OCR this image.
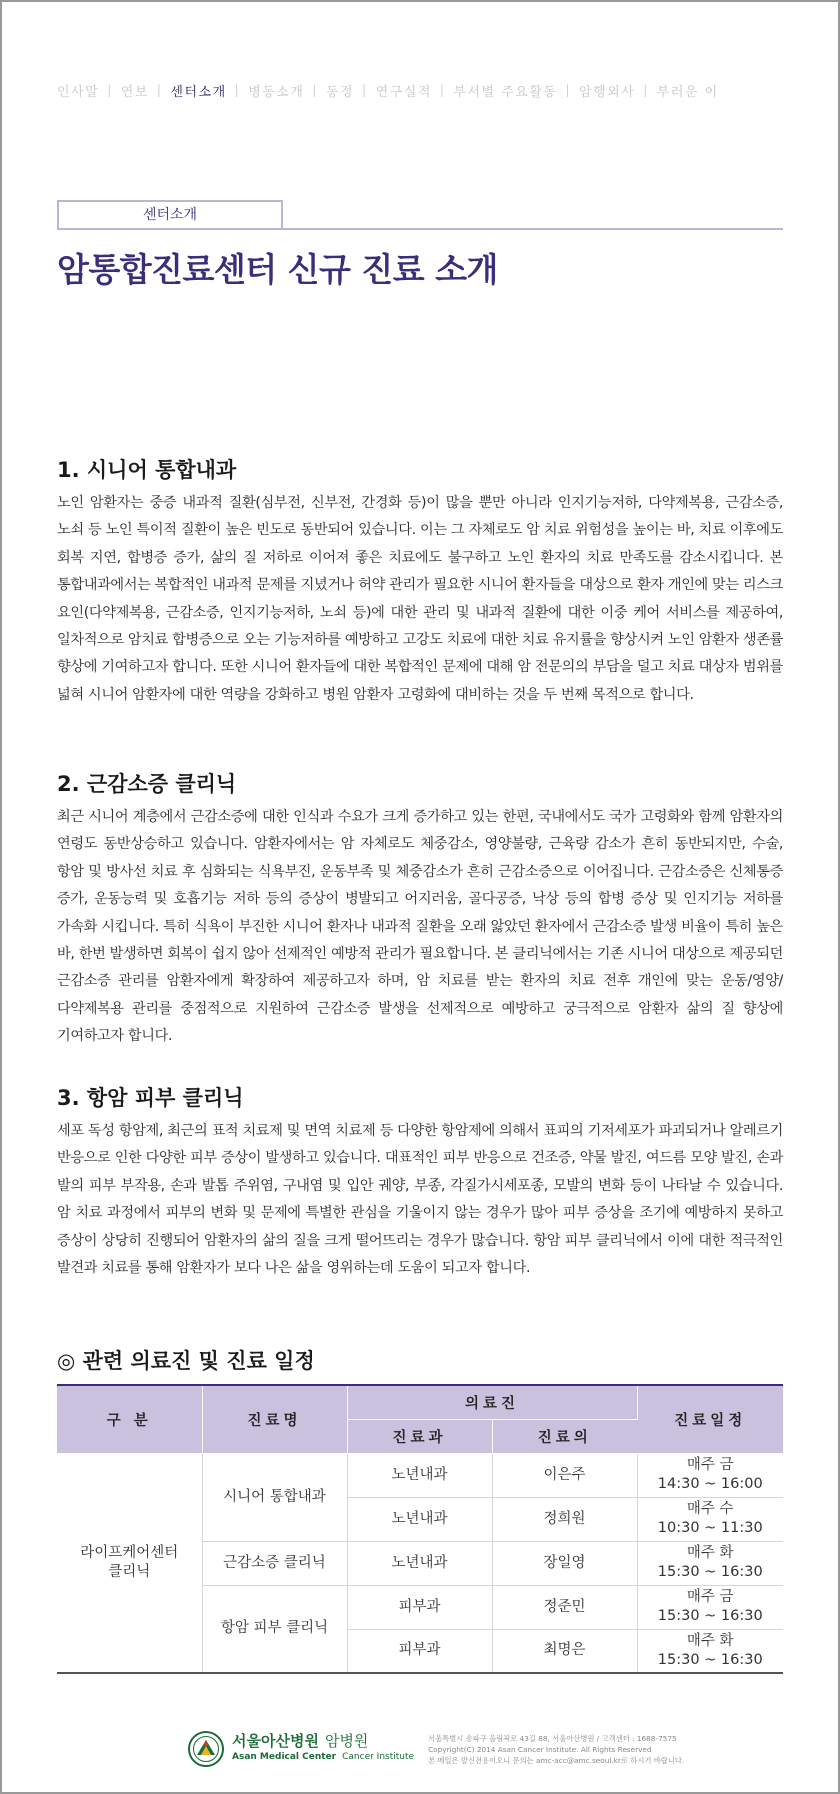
인사말 | 연보 | 센터소개 | 병동소개 | 동정 | 연구실적 | 부서별 주요활동 | 암행외사 | 부러운 이
센터소개
암통합진료센터 신규 진료 소개
1. 시니어 통합내과

노인 암환자는 중증 내과적 질환(심부전, 신부전, 간경화 등)이 많을 뿐만 아니라 인지기능저하, 다약제복용, 근감소증, 노쇠 등 노인 특이적 질환이 높은 빈도로 동반되어 있습니다. 이는 그 자체로도 암 치료 위험성을 높이는 바, 치료 이후에도 회복 지연, 합병증 증가, 삶의 질 저하로 이어져 좋은 치료에도 불구하고 노인 환자의 치료 만족도를 감소시킵니다. 본 통합내과에서는 복합적인 내과적 문제를 지녔거나 허약 관리가 필요한 시니어 환자들을 대상으로 환자 개인에 맞는 리스크 요인(다약제복용, 근감소증, 인지기능저하, 노쇠 등)에 대한 관리 및 내과적 질환에 대한 이중 케어 서비스를 제공하여, 일차적으로 암치료 합병증으로 오는 기능저하를 예방하고 고강도 치료에 대한 치료 유지률을 향상시켜 노인 암환자 생존률 향상에 기여하고자 합니다. 또한 시니어 환자들에 대한 복합적인 문제에 대해 암 전문의의 부담을 덜고 치료 대상자 범위를 넓혀 시니어 암환자에 대한 역량을 강화하고 병원 암환자 고령화에 대비하는 것을 두 번째 목적으로 합니다.

2. 근감소증 클리닉

최근 시니어 계층에서 근감소증에 대한 인식과 수요가 크게 증가하고 있는 한편, 국내에서도 국가 고령화와 함께 암환자의 연령도 동반상승하고 있습니다. 암환자에서는 암 자체로도 체중감소, 영양불량, 근육량 감소가 흔히 동반되지만, 수술, 항암 및 방사선 치료 후 심화되는 식욕부진, 운동부족 및 체중감소가 흔히 근감소증으로 이어집니다. 근감소증은 신체통증 증가, 운동능력 및 호흡기능 저하 등의 증상이 병발되고 어지러움, 골다공증, 낙상 등의 합병 증상 및 인지기능 저하를 가속화 시킵니다. 특히 식욕이 부진한 시니어 환자나 내과적 질환을 오래 앓았던 환자에서 근감소증 발생 비율이 특히 높은 바, 한번 발생하면 회복이 쉽지 않아 선제적인 예방적 관리가 필요합니다. 본 클리닉에서는 기존 시니어 대상으로 제공되던 근감소증 관리를 암환자에게 확장하여 제공하고자 하며, 암 치료를 받는 환자의 치료 전후 개인에 맞는 운동/영양/다약제복용 관리를 중점적으로 지원하여 근감소증 발생을 선제적으로 예방하고 궁극적으로 암환자 삶의 질 향상에 기여하고자 합니다.

3. 항암 피부 클리닉

세포 독성 항암제, 최근의 표적 치료제 및 면역 치료제 등 다양한 항암제에 의해서 표피의 기저세포가 파괴되거나 알레르기 반응으로 인한 다양한 피부 증상이 발생하고 있습니다. 대표적인 피부 반응으로 건조증, 약물 발진, 여드름 모양 발진, 손과 발의 피부 부작용, 손과 발톱 주위염, 구내염 및 입안 궤양, 부종, 각질가시세포종, 모발의 변화 등이 나타날 수 있습니다. 암 치료 과정에서 피부의 변화 및 문제에 특별한 관심을 기울이지 않는 경우가 많아 피부 증상을 조기에 예방하지 못하고 증상이 상당히 진행되어 암환자의 삶의 질을 크게 떨어뜨리는 경우가 많습니다. 항암 피부 클리닉에서 이에 대한 적극적인 발견과 치료를 통해 암환자가 보다 나은 삶을 영위하는데 도움이 되고자 합니다.

◎ 관련 의료진 및 진료 일정
구 분	진료명	의료진		진료일정
		진료과	진료의	
라이프케어센터 클리닉	시니어 통합내과	노년내과	이은주	매주 금
14:30 ~ 16:00

		노년내과	정희원	매주 수
10:30 ~ 11:30

	근감소증 클리닉	노년내과	장일영	매주 화
15:30 ~ 16:30

	항암 피부 클리닉	피부과	정준민	매주 금
15:30 ~ 16:30

		피부과	최명은	매주 화
15:30 ~ 16:30
서울아산병원 암병원
Asan Medical Center Cancer Institute
서울특별시 송파구 올림픽로 43길 88, 서울아산병원 / 고객센터 : 1688-7575
Copyright(C) 2014 Asan Cancer Institute. All Rights Reserved
본 메일은 발신전용이오니 문의는 amc-acc@amc.seoul.kr로 하시기 바랍니다.
